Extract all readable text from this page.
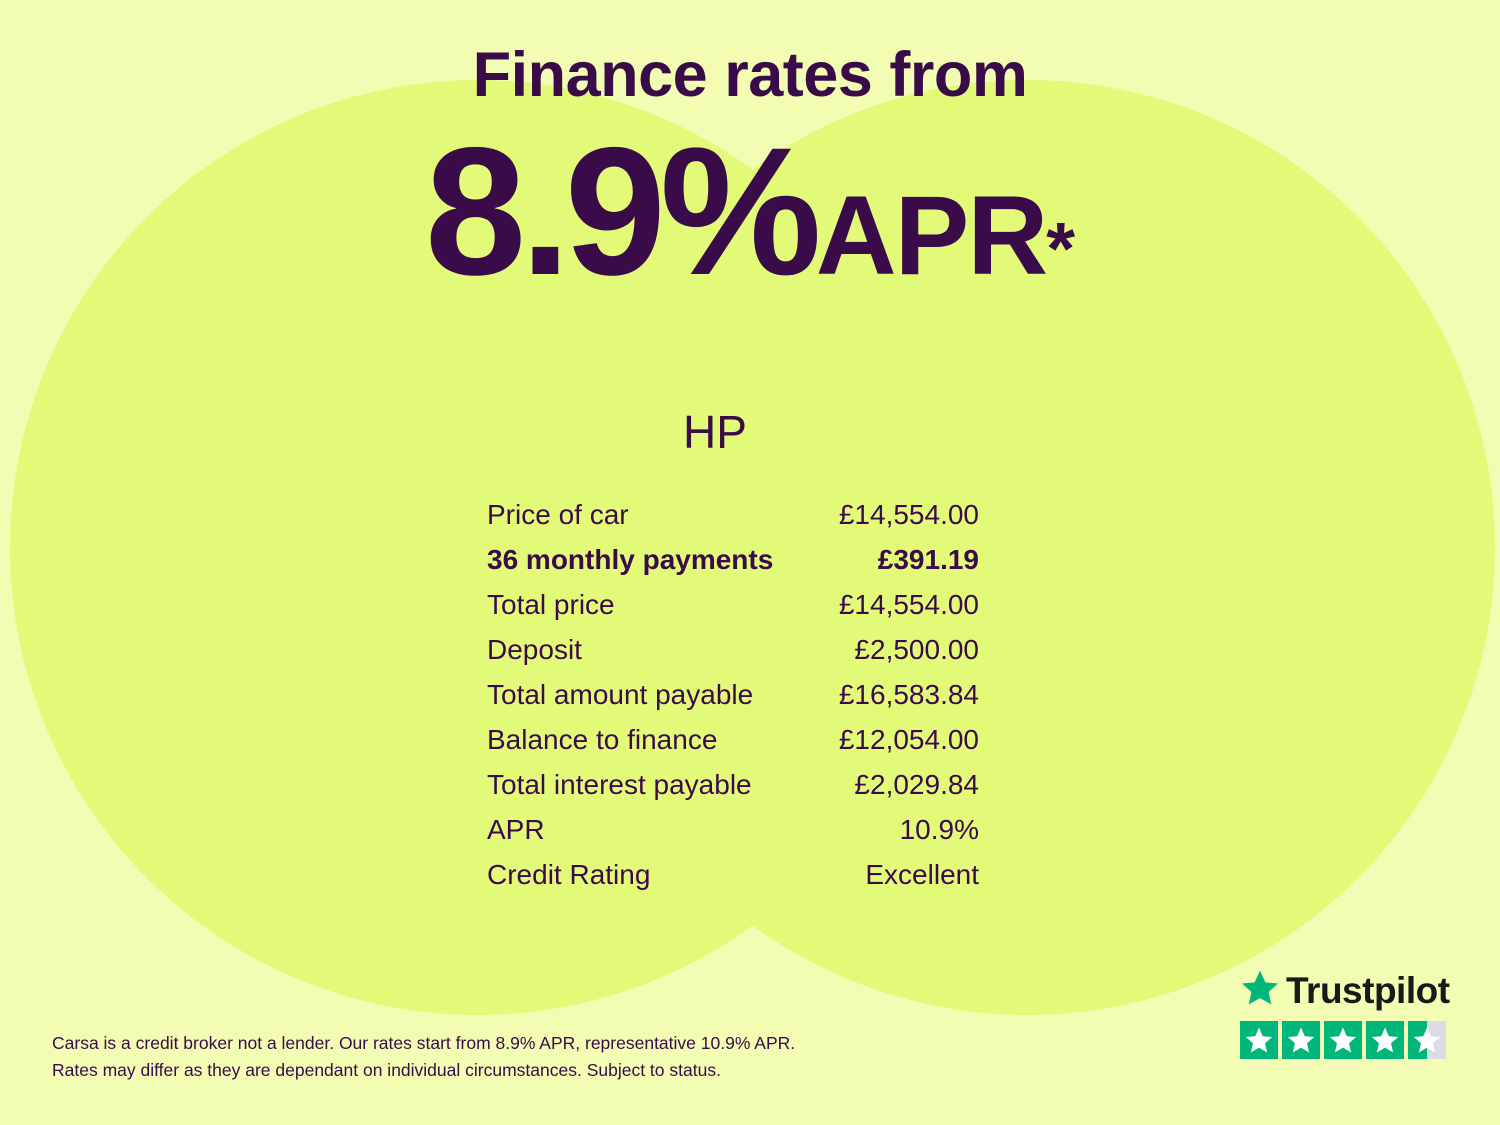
Finance rates from
8.9%APR*
HP
Price of car	£14,554.00
36 monthly payments	£391.19
Total price	£14,554.00
Deposit	£2,500.00
Total amount payable	£16,583.84
Balance to finance	£12,054.00
Total interest payable	£2,029.84
APR	10.9%
Credit Rating	Excellent
Carsa is a credit broker not a lender. Our rates start from 8.9% APR, representative 10.9% APR.
Rates may differ as they are dependant on individual circumstances. Subject to status.
Trustpilot
